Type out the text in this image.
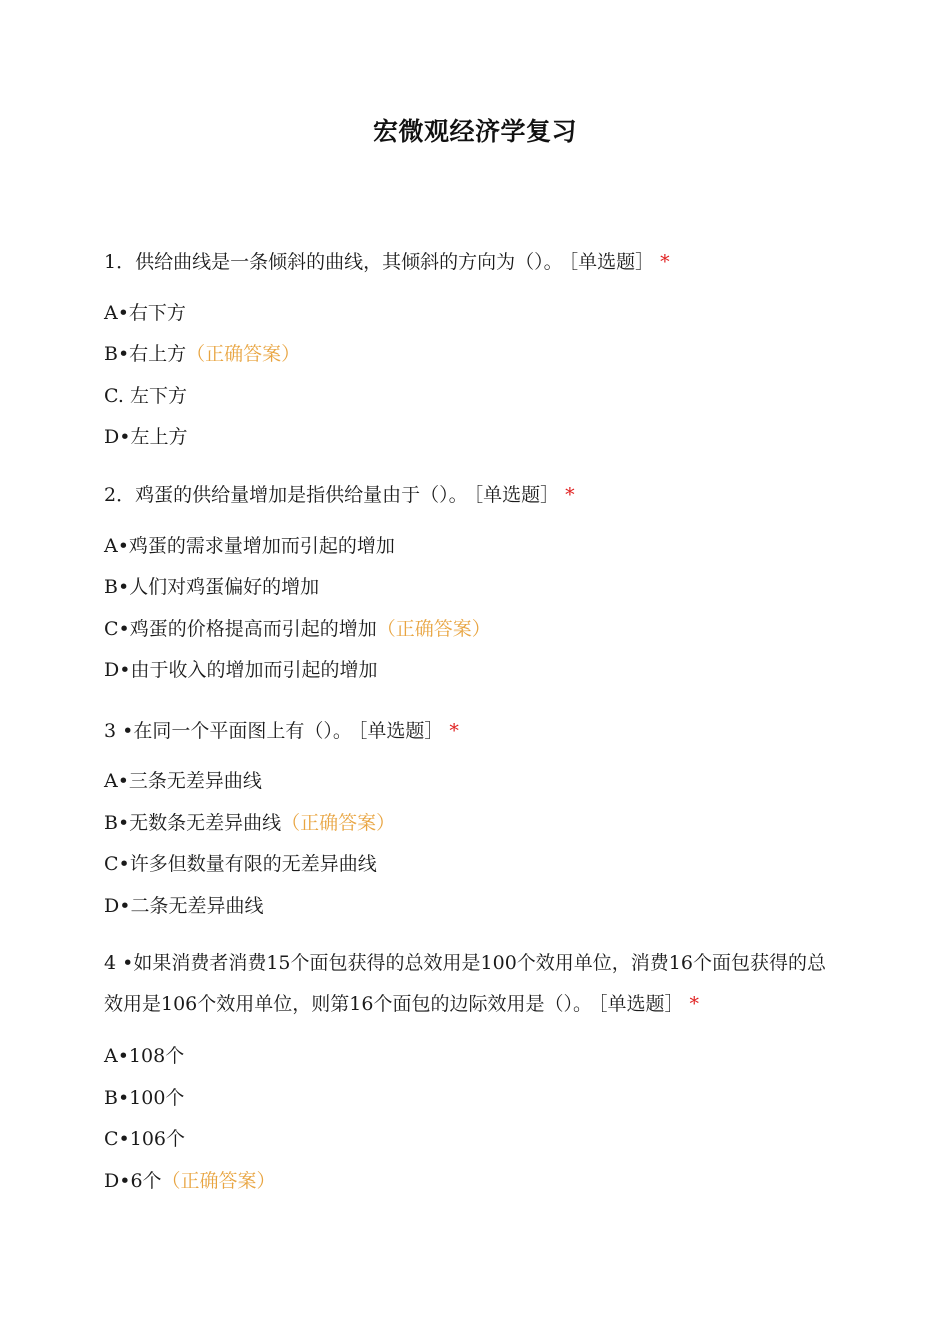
宏微观经济学复习
1．供给曲线是一条倾斜的曲线，其倾斜的方向为（）。 ［单选题］ *
A•右下方
B•右上方（正确答案）
C. 左下方
D•左上方
2．鸡蛋的供给量增加是指供给量由于（）。 ［单选题］ *
A•鸡蛋的需求量增加而引起的增加
B•人们对鸡蛋偏好的增加
C•鸡蛋的价格提高而引起的增加（正确答案）
D•由于收入的增加而引起的增加
3 •在同一个平面图上有（）。 ［单选题］ *
A•三条无差异曲线
B•无数条无差异曲线（正确答案）
C•许多但数量有限的无差异曲线
D•二条无差异曲线
4 •如果消费者消费15个面包获得的总效用是100个效用单位，消费16个面包获得的总效用是106个效用单位，则第16个面包的边际效用是（）。 ［单选题］ *
A•108个
B•100个
C•106个
D•6个（正确答案）
